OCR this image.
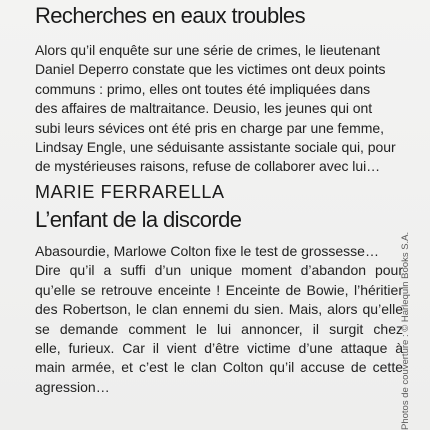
Recherches en eaux troubles
Alors qu’il enquête sur une série de crimes, le lieutenant
Daniel Deperro constate que les victimes ont deux points
communs : primo, elles ont toutes été impliquées dans
des affaires de maltraitance. Deusio, les jeunes qui ont
subi leurs sévices ont été pris en charge par une femme,
Lindsay Engle, une séduisante assistante sociale qui, pour
de mystérieuses raisons, refuse de collaborer avec lui…
MARIE FERRARELLA
L’enfant de la discorde
Abasourdie, Marlowe Colton fixe le test de grossesse…
Dire qu’il a suffi d’un unique moment d’abandon pour
qu’elle se retrouve enceinte ! Enceinte de Bowie, l’héritier
des Robertson, le clan ennemi du sien. Mais, alors qu’elle
se demande comment le lui annoncer, il surgit chez
elle, furieux. Car il vient d’être victime d’une attaque à
main armée, et c’est le clan Colton qu’il accuse de cette
agression…	Photos de couverture : © Harlequin Books S.A.
